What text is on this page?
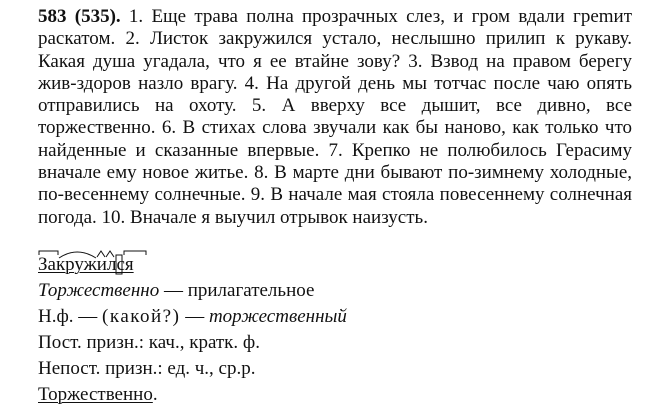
583 (535). 1. Еще трава полна прозрачных слез, и гром вдали греmит раскатом. 2. Листок закружился устало, неслышно прилип к рукаву. Какая душа угадала, что я ее втайне зову? 3. Взвод на правом берегу жив-здоров назло врагу. 4. На другой день мы тотчас после чаю опять отправились на охоту. 5. А вверху все дышит, все дивно, все торжественно. 6. В стихах слова звучали как бы наново, как только что найденные и сказанные впервые. 7. Крепко не полюбилось Герасиму вначале ему новое житье. 8. В марте дни бывают по-зимнему холодные, по-весеннему солнечные. 9. В начале мая стояла повесеннему солнечная погода. 10. Вначале я выучил отрывок наизусть.
Закружился
Торжественно — прилагательное
Н.ф. — (какой?) — торжественный
Пост. призн.: кач., кратк. ф.
Непост. призн.: ед. ч., ср.р.
Торжественно.
